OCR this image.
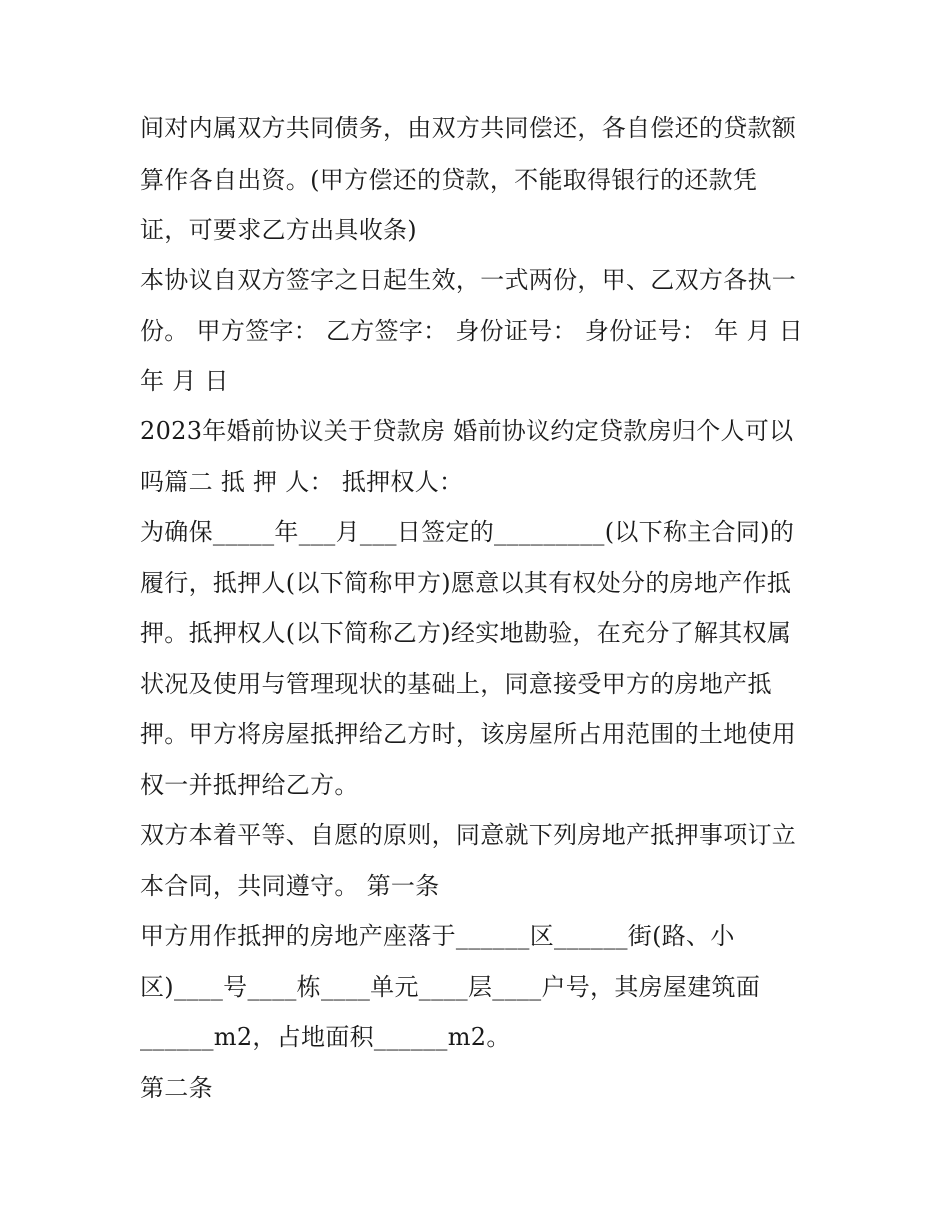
间对内属双方共同债务，由双方共同偿还，各自偿还的贷款额
算作各自出资。(甲方偿还的贷款，不能取得银行的还款凭
证，可要求乙方出具收条)
本协议自双方签字之日起生效，一式两份，甲、乙双方各执一
份。 甲方签字： 乙方签字： 身份证号： 身份证号： 年 月 日
年 月 日
2023年婚前协议关于贷款房 婚前协议约定贷款房归个人可以
吗篇二 抵 押 人： 抵押权人：
为确保_____年___月___日签定的_________(以下称主合同)的
履行，抵押人(以下简称甲方)愿意以其有权处分的房地产作抵
押。抵押权人(以下简称乙方)经实地勘验，在充分了解其权属
状况及使用与管理现状的基础上，同意接受甲方的房地产抵
押。甲方将房屋抵押给乙方时，该房屋所占用范围的土地使用
权一并抵押给乙方。
双方本着平等、自愿的原则，同意就下列房地产抵押事项订立
本合同，共同遵守。 第一条
甲方用作抵押的房地产座落于______区______街(路、小
区)____号____栋____单元____层____户号，其房屋建筑面
______m2，占地面积______m2。
第二条
